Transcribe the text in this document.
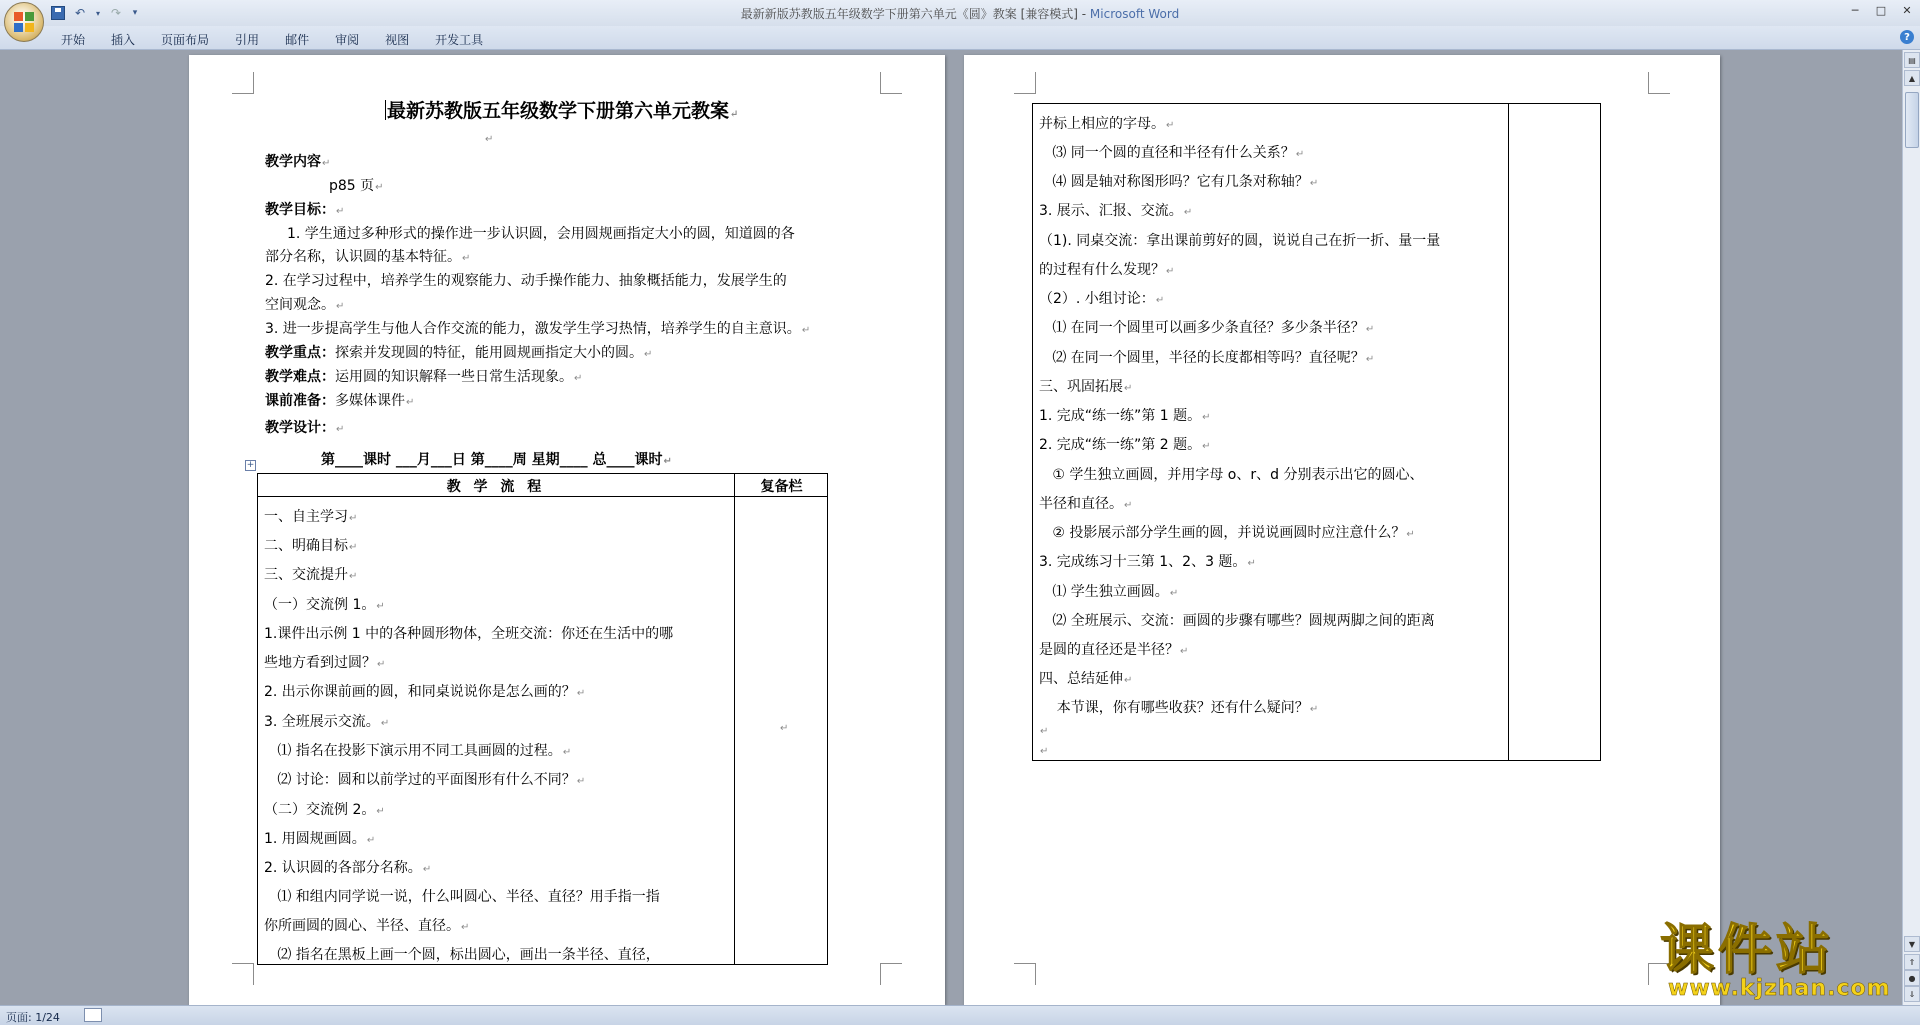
↶ ▾ ↷	▾	最新新版苏教版五年级数学下册第六单元《圆》教案 [兼容模式] - Microsoft Word	─	□	✕
开始	插入	页面布局	引用	邮件	审阅	视图	开发工具	?
最新苏教版五年级数学下册第六单元教案↵
↵
教学内容↵
p85 页↵
教学目标：↵
1. 学生通过多种形式的操作进一步认识圆，会用圆规画指定大小的圆，知道圆的各
部分名称，认识圆的基本特征。↵
2. 在学习过程中，培养学生的观察能力、动手操作能力、抽象概括能力，发展学生的
空间观念。↵
3. 进一步提高学生与他人合作交流的能力，激发学生学习热情，培养学生的自主意识。↵
教学重点：探索并发现圆的特征，能用圆规画指定大小的圆。↵
教学难点：运用圆的知识解释一些日常生活现象。↵
课前准备：多媒体课件↵
教学设计：↵
第____课时 ___月___日 第____周 星期____ 总____课时↵
+
教 学 流 程	复备栏
一、自主学习↵
二、明确目标↵
三、交流提升↵
（一）交流例 1。↵
1.课件出示例 1 中的各种圆形物体，全班交流：你还在生活中的哪
些地方看到过圆？↵
2. 出示你课前画的圆，和同桌说说你是怎么画的？↵
3. 全班展示交流。↵
⑴ 指名在投影下演示用不同工具画圆的过程。↵
⑵ 讨论：圆和以前学过的平面图形有什么不同？↵
（二）交流例 2。↵
1. 用圆规画圆。↵
2. 认识圆的各部分名称。↵
⑴ 和组内同学说一说，什么叫圆心、半径、直径？用手指一指
你所画圆的圆心、半径、直径。↵
⑵ 指名在黑板上画一个圆，标出圆心，画出一条半径、直径，
↵
并标上相应的字母。↵
⑶ 同一个圆的直径和半径有什么关系？↵
⑷ 圆是轴对称图形吗？它有几条对称轴？↵
3. 展示、汇报、交流。↵
（1). 同桌交流：拿出课前剪好的圆，说说自己在折一折、量一量
的过程有什么发现？↵
（2）. 小组讨论：↵
⑴ 在同一个圆里可以画多少条直径？多少条半径？↵
⑵ 在同一个圆里，半径的长度都相等吗？直径呢？↵
三、巩固拓展↵
1. 完成“练一练”第 1 题。↵
2. 完成“练一练”第 2 题。↵
① 学生独立画圆，并用字母 o、r、d 分别表示出它的圆心、
半径和直径。↵
② 投影展示部分学生画的圆，并说说画圆时应注意什么？↵
3. 完成练习十三第 1、2、3 题。↵
⑴ 学生独立画圆。↵
⑵ 全班展示、交流：画圆的步骤有哪些？圆规两脚之间的距离
是圆的直径还是半径？↵
四、总结延伸↵
本节课，你有哪些收获？还有什么疑问？↵
↵
↵
▤
▲
▼
⇑
●
⇓
页面: 1/24
课件站
www.kjzhan.com
